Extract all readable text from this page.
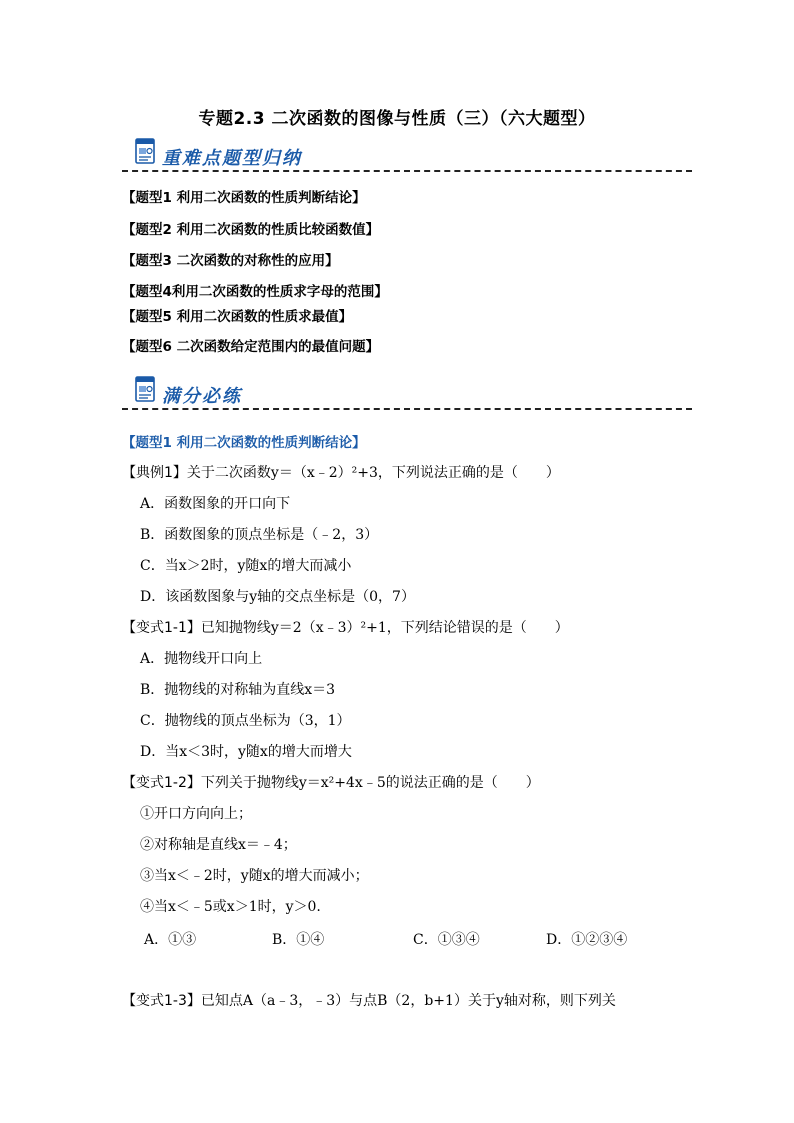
专题2.3 二次函数的图像与性质（三）（六大题型）
重难点题型归纳
【题型1 利用二次函数的性质判断结论】
【题型2 利用二次函数的性质比较函数值】
【题型3 二次函数的对称性的应用】
【题型4利用二次函数的性质求字母的范围】
【题型5 利用二次函数的性质求最值】
【题型6 二次函数给定范围内的最值问题】
满分必练
【题型1 利用二次函数的性质判断结论】
【典例1】关于二次函数y＝（x﹣2）²+3，下列说法正确的是（　　）
A．函数图象的开口向下
B．函数图象的顶点坐标是（﹣2，3）
C．当x＞2时，y随x的增大而减小
D．该函数图象与y轴的交点坐标是（0，7）
【变式1-1】已知抛物线y＝2（x﹣3）²+1，下列结论错误的是（　　）
A．抛物线开口向上
B．抛物线的对称轴为直线x＝3
C．抛物线的顶点坐标为（3，1）
D．当x＜3时，y随x的增大而增大
【变式1-2】下列关于抛物线y＝x²+4x﹣5的说法正确的是（　　）
①开口方向向上；
②对称轴是直线x＝﹣4；
③当x＜﹣2时，y随x的增大而减小；
④当x＜﹣5或x＞1时，y＞0.
A．①③	B．①④	C．①③④	D．①②③④
【变式1-3】已知点A（a﹣3，﹣3）与点B（2，b+1）关于y轴对称，则下列关
